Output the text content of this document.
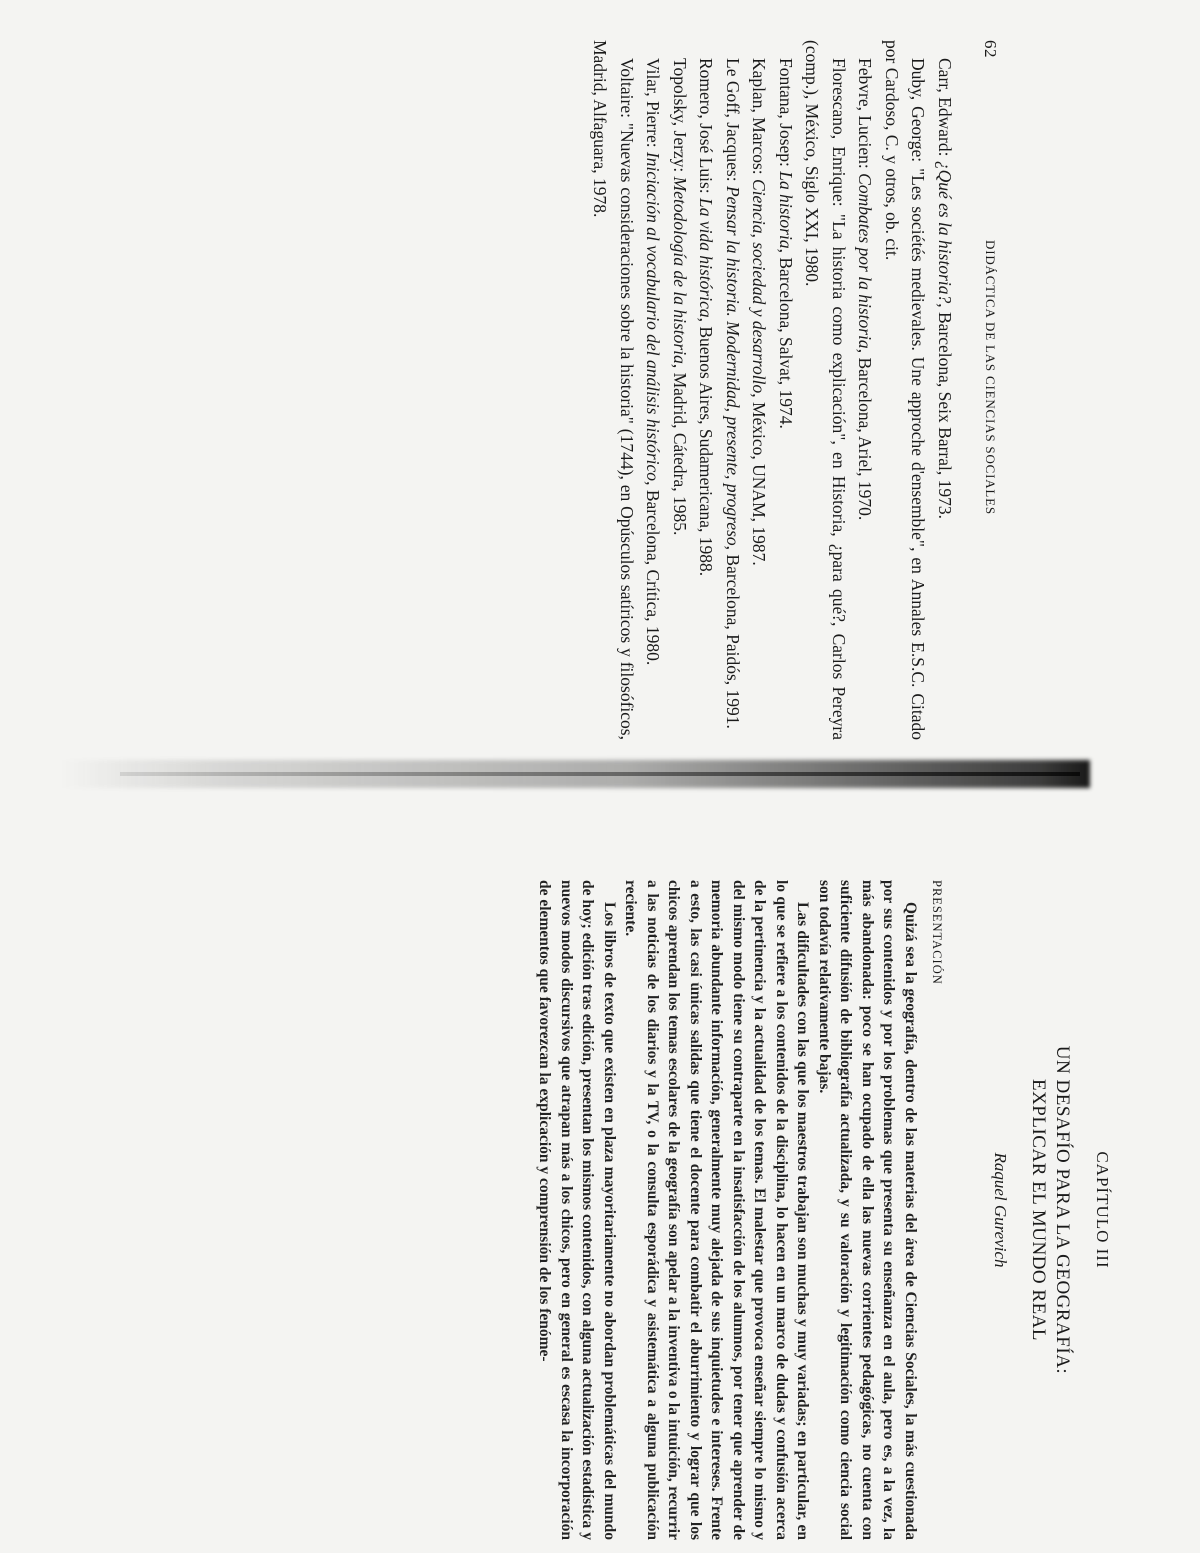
62
DIDÁCTICA DE LAS CIENCIAS SOCIALES

Carr, Edward: ¿Qué es la historia?, Barcelona, Seix Barral, 1973.

Duby, George: "Les sociétés medievales. Une approche d'ensemble", en Annales E.S.C. Citado por Cardoso, C. y otros, ob. cit.

Febvre, Lucien: Combates por la historia, Barcelona, Ariel, 1970.

Florescano, Enrique: "La historia como explicación", en Historia, ¿para qué?, Carlos Pereyra (comp.), México, Siglo XXI, 1980.

Fontana, Josep: La historia, Barcelona, Salvat, 1974.

Kaplan, Marcos: Ciencia, sociedad y desarrollo, México, UNAM, 1987.

Le Goff, Jacques: Pensar la historia. Modernidad, presente, progreso, Barcelona, Paidós, 1991.

Romero, José Luis: La vida histórica, Buenos Aires, Sudamericana, 1988.

Topolsky, Jerzy: Metodología de la historia, Madrid, Cátedra, 1985.

Vilar, Pierre: Iniciación al vocabulario del análisis histórico, Barcelona, Crítica, 1980.

Voltaire: "Nuevas consideraciones sobre la historia" (1744), en Opúsculos satíricos y filosóficos, Madrid, Alfaguara, 1978.

CAPÍTULO III
UN DESAFÍO PARA LA GEOGRAFÍA:
EXPLICAR EL MUNDO REAL
Raquel Gurevich
PRESENTACIÓN

Quizá sea la geografía, dentro de las materias del área de Ciencias Sociales, la más cuestionada por sus contenidos y por los problemas que presenta su enseñanza en el aula, pero es, a la vez, la más abandonada: poco se han ocupado de ella las nuevas corrientes pedagógicas, no cuenta con suficiente difusión de bibliografía actualizada, y su valoración y legitimación como ciencia social son todavía relativamente bajas.

Las dificultades con las que los maestros trabajan son muchas y muy variadas; en particular, en lo que se refiere a los contenidos de la disciplina, lo hacen en un marco de dudas y confusión acerca de la pertinencia y la actualidad de los temas. El malestar que provoca enseñar siempre lo mismo y del mismo modo tiene su contraparte en la insatisfacción de los alumnos, por tener que aprender de memoria abundante información, generalmente muy alejada de sus inquietudes e intereses. Frente a esto, las casi únicas salidas que tiene el docente para combatir el aburrimiento y lograr que los chicos aprendan los temas escolares de la geografía son apelar a la inventiva o la intuición, recurrir a las noticias de los diarios y la TV, o la consulta esporádica y asistemática a alguna publicación reciente.

Los libros de texto que existen en plaza mayoritariamente no abordan problemáticas del mundo de hoy; edición tras edición, presentan los mismos contenidos, con alguna actualización estadística y nuevos modos discursivos que atrapan más a los chicos, pero en general es escasa la incorporación de elementos que favorezcan la explicación y comprensión de los fenóme-
